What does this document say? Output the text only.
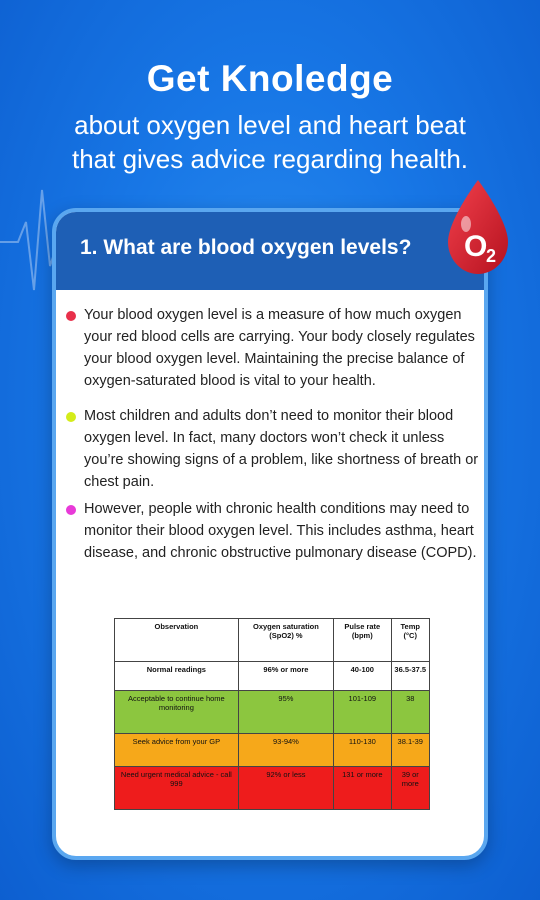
Get Knoledge

about oxygen level and heart beat
that gives advice regarding health.

1. What are blood oxygen levels?
Your blood oxygen level is a measure of how much oxygen your red blood cells are carrying. Your body closely regulates your blood oxygen level. Maintaining the precise balance of oxygen-saturated blood is vital to your health.
Most children and adults don’t need to monitor their blood oxygen level. In fact, many doctors won’t check it unless you’re showing signs of a problem, like shortness of breath or chest pain.
However, people with chronic health conditions may need to monitor their blood oxygen level. This includes asthma, heart disease, and chronic obstructive pulmonary disease (COPD).
Observation	Oxygen saturation (SpO2) %	Pulse rate (bpm)	Temp (°C)
Normal readings	96% or more	40-100	36.5-37.5
Acceptable to continue home monitoring	95%	101-109	38
Seek advice from your GP	93-94%	110-130	38.1-39
Need urgent medical advice - call 999	92% or less	131 or more	39 or more
O
2
